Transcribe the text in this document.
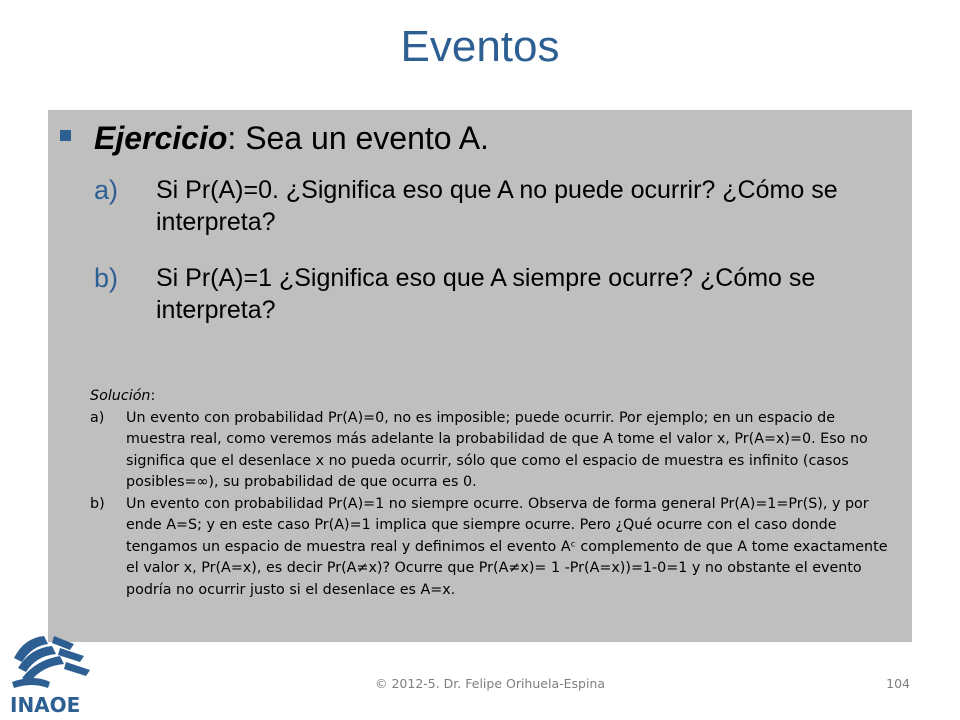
Eventos
Ejercicio: Sea un evento A.
a) Si Pr(A)=0. ¿Significa eso que A no puede ocurrir? ¿Cómo se interpreta?
b) Si Pr(A)=1 ¿Significa eso que A siempre ocurre? ¿Cómo se interpreta?
Solución:
a) Un evento con probabilidad Pr(A)=0, no es imposible; puede ocurrir. Por ejemplo; en un espacio de muestra real, como veremos más adelante la probabilidad de que A tome el valor x, Pr(A=x)=0. Eso no significa que el desenlace x no pueda ocurrir, sólo que como el espacio de muestra es infinito (casos posibles=∞), su probabilidad de que ocurra es 0.
b) Un evento con probabilidad Pr(A)=1 no siempre ocurre. Observa de forma general Pr(A)=1=Pr(S), y por ende A=S; y en este caso Pr(A)=1 implica que siempre ocurre. Pero ¿Qué ocurre con el caso donde tengamos un espacio de muestra real y definimos el evento Aᶜ complemento de que A tome exactamente el valor x, Pr(A=x), es decir Pr(A≠x)? Ocurre que Pr(A≠x)= 1 -Pr(A=x))=1-0=1 y no obstante el evento podría no ocurrir justo si el desenlace es A=x.
INAOE
© 2012-5. Dr. Felipe Orihuela-Espina	104
